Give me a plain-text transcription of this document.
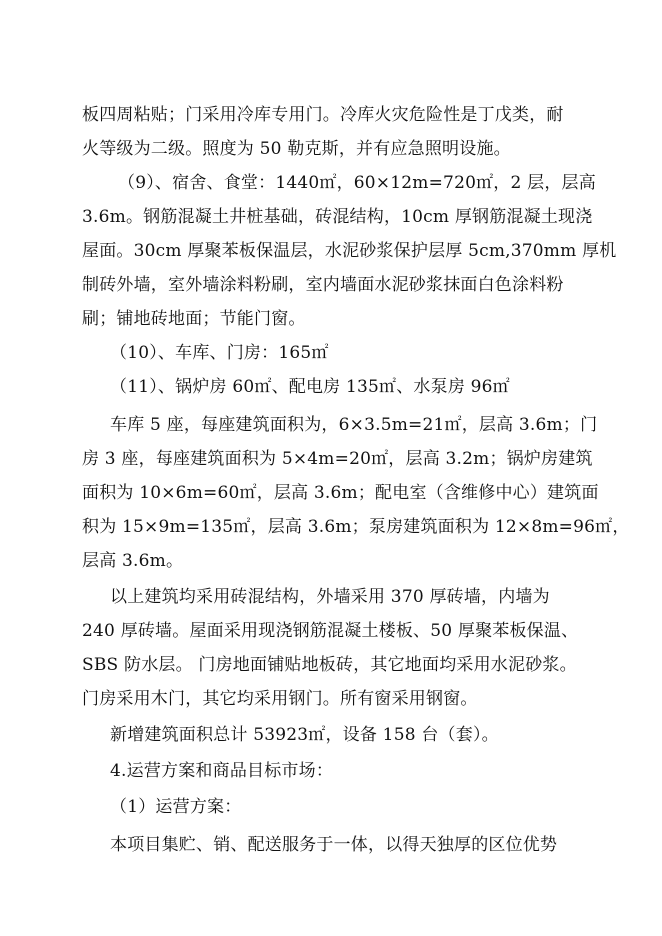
板四周粘贴；门采用冷库专用门。冷库火灾危险性是丁戊类，耐
火等级为二级。照度为 50 勒克斯，并有应急照明设施。
（9）、宿舍、食堂：1440㎡，60×12m=720㎡，2 层，层高
3.6m。钢筋混凝土井桩基础，砖混结构，10cm 厚钢筋混凝土现浇
屋面。30cm 厚聚苯板保温层，水泥砂浆保护层厚 5cm,370mm 厚机
制砖外墙，室外墙涂料粉刷，室内墙面水泥砂浆抹面白色涂料粉
刷；铺地砖地面；节能门窗。
（10）、车库、门房：165㎡
（11）、锅炉房 60㎡、配电房 135㎡、水泵房 96㎡
车库 5 座，每座建筑面积为，6×3.5m=21㎡，层高 3.6m；门
房 3 座，每座建筑面积为 5×4m=20㎡，层高 3.2m；锅炉房建筑
面积为 10×6m=60㎡，层高 3.6m；配电室（含维修中心）建筑面
积为 15×9m=135㎡，层高 3.6m；泵房建筑面积为 12×8m=96㎡，
层高 3.6m。
以上建筑均采用砖混结构，外墙采用 370 厚砖墙，内墙为
240 厚砖墙。屋面采用现浇钢筋混凝土楼板、50 厚聚苯板保温、
SBS 防水层。 门房地面铺贴地板砖，其它地面均采用水泥砂浆。
门房采用木门，其它均采用钢门。所有窗采用钢窗。
新增建筑面积总计 53923㎡，设备 158 台（套）。
4.运营方案和商品目标市场：
（1）运营方案：
本项目集贮、销、配送服务于一体，以得天独厚的区位优势
